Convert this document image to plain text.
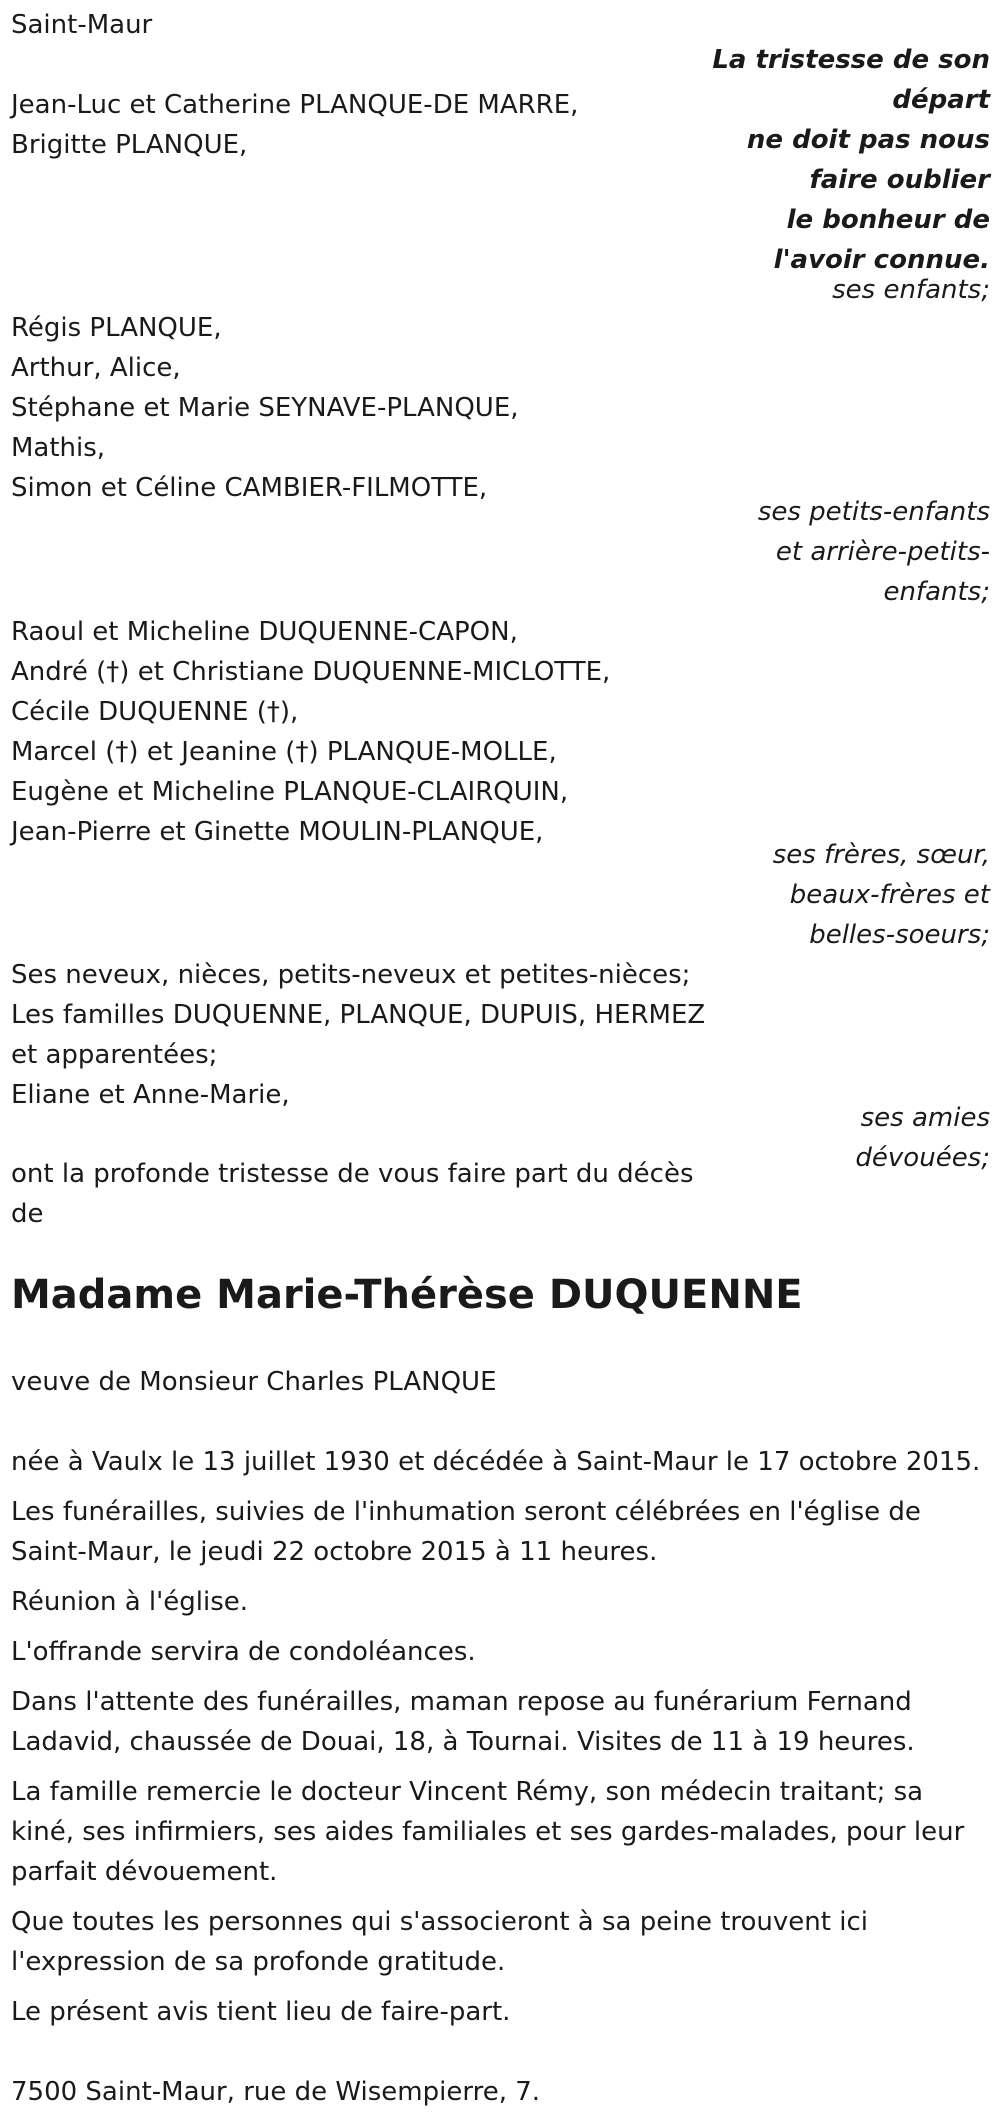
Saint-Maur
La tristesse de son
départ
ne doit pas nous
faire oublier
le bonheur de
l'avoir connue.
Jean-Luc et Catherine PLANQUE-DE MARRE,
Brigitte PLANQUE,
ses enfants;
Régis PLANQUE,
Arthur, Alice,
Stéphane et Marie SEYNAVE-PLANQUE,
Mathis,
Simon et Céline CAMBIER-FILMOTTE,
ses petits-enfants
et arrière-petits-
enfants;
Raoul et Micheline DUQUENNE-CAPON,
André (†) et Christiane DUQUENNE-MICLOTTE,
Cécile DUQUENNE (†),
Marcel (†) et Jeanine (†) PLANQUE-MOLLE,
Eugène et Micheline PLANQUE-CLAIRQUIN,
Jean-Pierre et Ginette MOULIN-PLANQUE,
ses frères, sœur,
beaux-frères et
belles-soeurs;
Ses neveux, nièces, petits-neveux et petites-nièces;
Les familles DUQUENNE, PLANQUE, DUPUIS, HERMEZ
et apparentées;
Eliane et Anne-Marie,
ses amies
dévouées;
ont la profonde tristesse de vous faire part du décès
de
Madame Marie-Thérèse DUQUENNE
veuve de Monsieur Charles PLANQUE

née à Vaulx le 13 juillet 1930 et décédée à Saint-Maur le 17 octobre 2015.

Les funérailles, suivies de l'inhumation seront célébrées en l'église de Saint-Maur, le jeudi 22 octobre 2015 à 11 heures.

Réunion à l'église.

L'offrande servira de condoléances.

Dans l'attente des funérailles, maman repose au funérarium Fernand Ladavid, chaussée de Douai, 18, à Tournai. Visites de 11 à 19 heures.

La famille remercie le docteur Vincent Rémy, son médecin traitant; sa kiné, ses infirmiers, ses aides familiales et ses gardes-malades, pour leur parfait dévouement.

Que toutes les personnes qui s'associeront à sa peine trouvent ici l'expression de sa profonde gratitude.

Le présent avis tient lieu de faire-part.

7500 Saint-Maur, rue de Wisempierre, 7.
